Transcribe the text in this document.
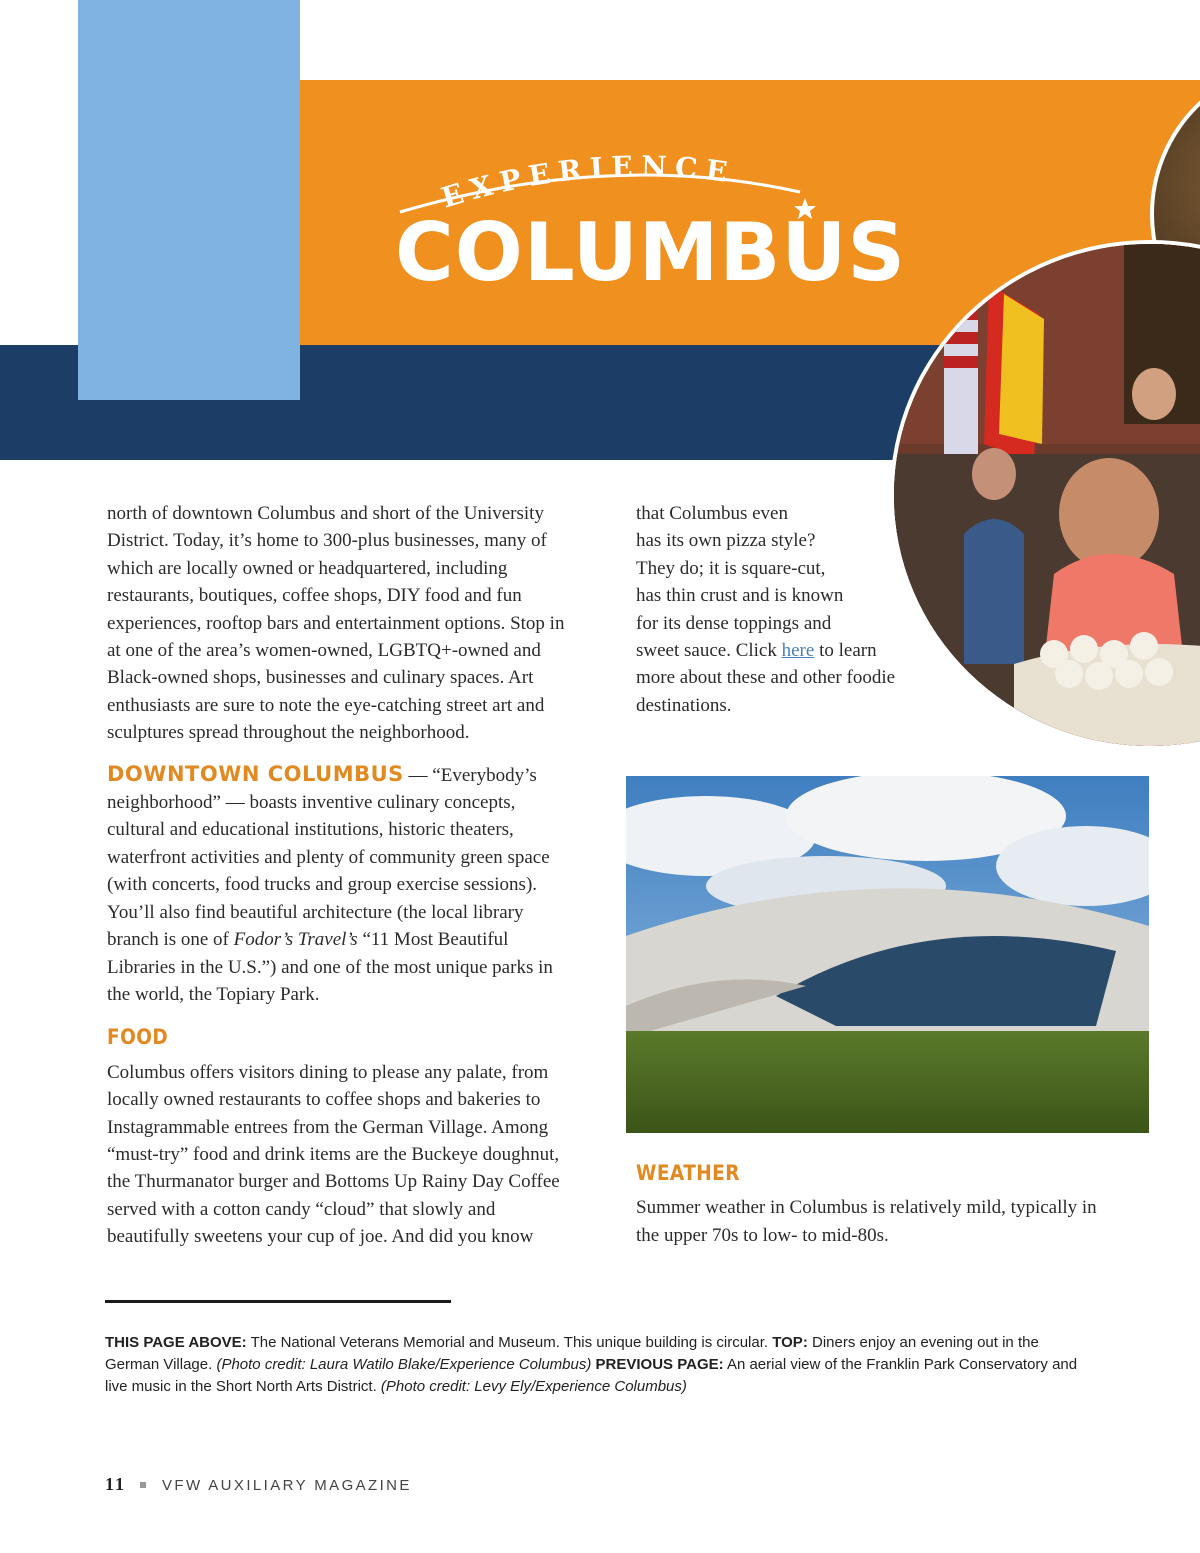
EXPERIENCE
COLUMBUS

north of downtown Columbus and short of the University District. Today, it’s home to 300-plus businesses, many of which are locally owned or headquartered, including restaurants, boutiques, coffee shops, DIY food and fun experiences, rooftop bars and entertainment options. Stop in at one of the area’s women-owned, LGBTQ+-owned and Black-owned shops, businesses and culinary spaces. Art enthusiasts are sure to note the eye-catching street art and sculptures spread throughout the neighborhood.

DOWNTOWN COLUMBUS — “Everybody’s neighborhood” — boasts inventive culinary concepts, cultural and educational institutions, historic theaters, waterfront activities and plenty of community green space (with concerts, food trucks and group exercise sessions). You’ll also find beautiful architecture (the local library branch is one of Fodor’s Travel’s “11 Most Beautiful Libraries in the U.S.”) and one of the most unique parks in the world, the Topiary Park.

FOOD

Columbus offers visitors dining to please any palate, from locally owned restaurants to coffee shops and bakeries to Instagrammable entrees from the German Village. Among “must-try” food and drink items are the Buckeye doughnut, the Thurmanator burger and Bottoms Up Rainy Day Coffee served with a cotton candy “cloud” that slowly and beautifully sweetens your cup of joe. And did you know

that Columbus even
has its own pizza style?
They do; it is square-cut,
has thin crust and is known
for its dense toppings and
sweet sauce. Click here to learn
more about these and other foodie
destinations.

WEATHER

Summer weather in Columbus is relatively mild, typically in the upper 70s to low- to mid-80s.

THIS PAGE ABOVE: The National Veterans Memorial and Museum. This unique building is circular. TOP: Diners enjoy an evening out in the German Village. (Photo credit: Laura Watilo Blake/Experience Columbus) PREVIOUS PAGE: An aerial view of the Franklin Park Conservatory and live music in the Short North Arts District. (Photo credit: Levy Ely/Experience Columbus)
11 VFW AUXILIARY MAGAZINE
